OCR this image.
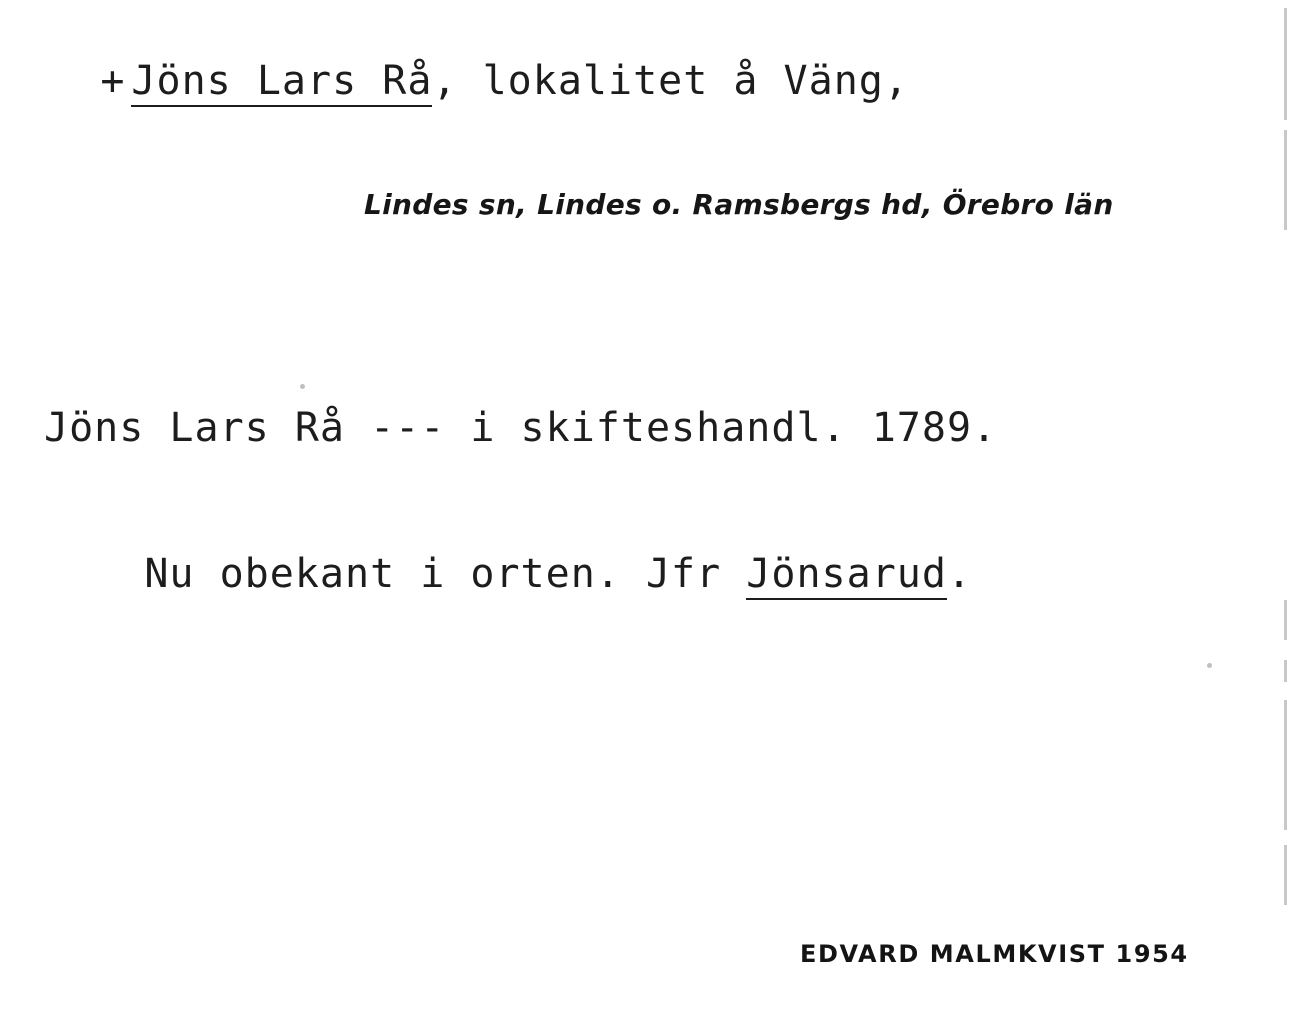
+ Jöns Lars Rå, lokalitet å Väng,

Lindes sn, Lindes o. Ramsbergs hd, Örebro län
Jöns Lars Rå --- i skifteshandl. 1789.

Nu obekant i orten. Jfr Jönsarud.

EDVARD MALMKVIST 1954
